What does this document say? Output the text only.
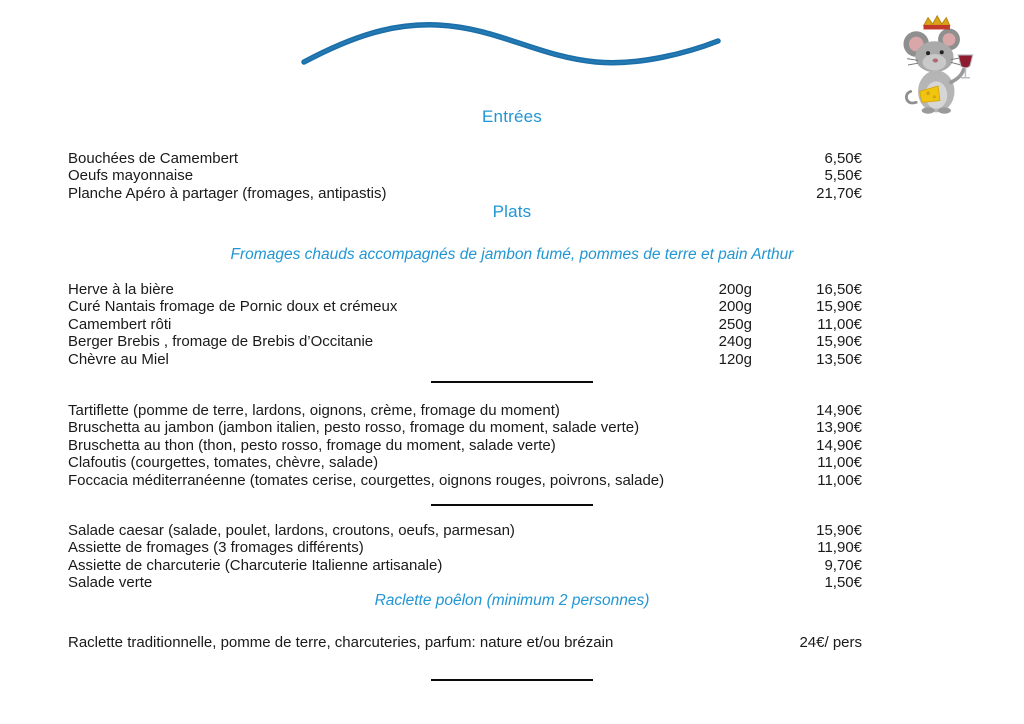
Entrées
Bouchées de Camembert	6,50€
Oeufs mayonnaise	5,50€
Planche Apéro à partager (fromages, antipastis)	21,70€
Plats
Fromages chauds accompagnés de jambon fumé, pommes de terre et pain Arthur
Herve à la bière	200g	16,50€
Curé Nantais fromage de Pornic doux et crémeux	200g	15,90€
Camembert rôti	250g	11,00€
Berger Brebis , fromage de Brebis d’Occitanie	240g	15,90€
Chèvre au Miel	120g	13,50€
Tartiflette (pomme de terre, lardons, oignons, crème, fromage du moment)	14,90€
Bruschetta au jambon (jambon italien, pesto rosso, fromage du moment, salade verte)	13,90€
Bruschetta au thon (thon, pesto rosso, fromage du moment, salade verte)	14,90€
Clafoutis (courgettes, tomates, chèvre, salade)	11,00€
Foccacia méditerranéenne (tomates cerise, courgettes, oignons rouges, poivrons, salade)	11,00€
Salade caesar (salade, poulet, lardons, croutons, oeufs, parmesan)	15,90€
Assiette de fromages (3 fromages différents)	11,90€
Assiette de charcuterie (Charcuterie Italienne artisanale)	9,70€
Salade verte	1,50€
Raclette poêlon (minimum 2 personnes)
Raclette traditionnelle, pomme de terre, charcuteries, parfum: nature et/ou brézain	24€/ pers
